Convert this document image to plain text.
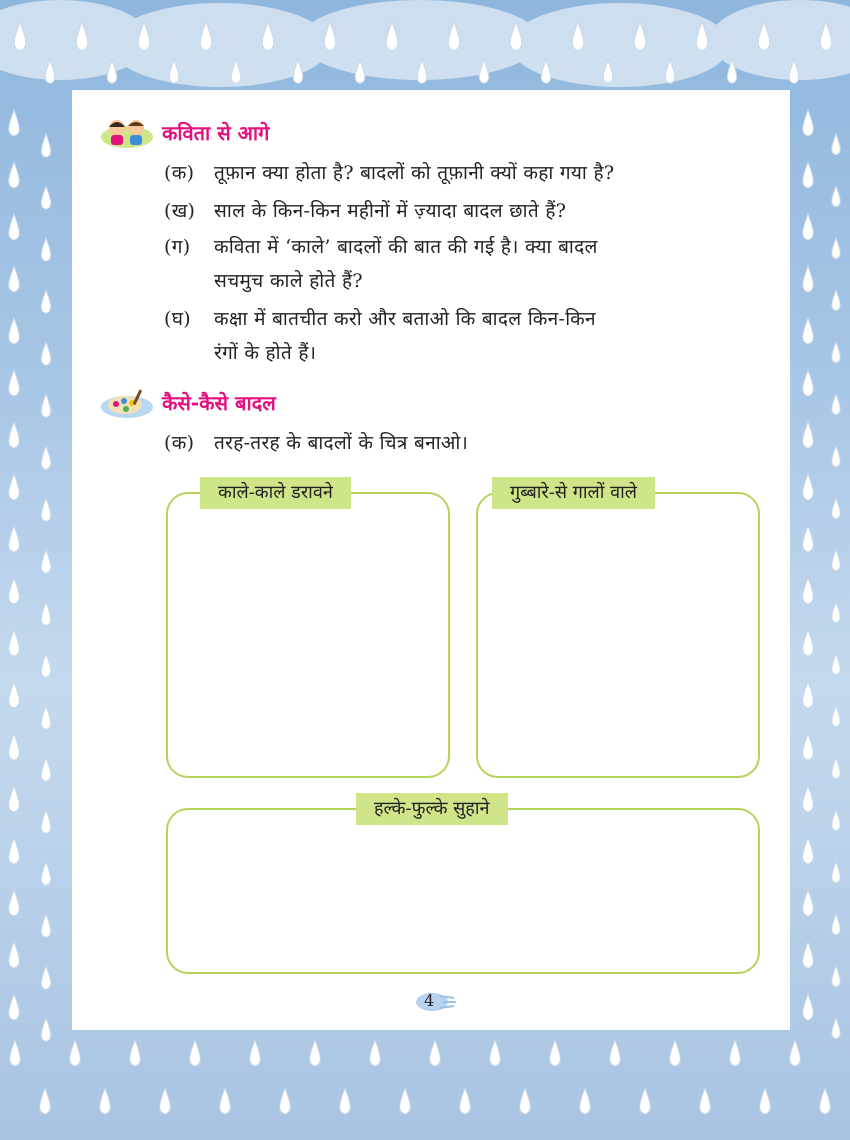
कविता से आगे
(क) तूफ़ान क्या होता है? बादलों को तूफ़ानी क्यों कहा गया है?
(ख) साल के किन-किन महीनों में ज़्यादा बादल छाते हैं?
(ग) कविता में ‘काले’ बादलों की बात की गई है। क्या बादल
सचमुच काले होते हैं?
(घ) कक्षा में बातचीत करो और बताओ कि बादल किन-किन
रंगों के होते हैं।
कैसे-कैसे बादल
(क) तरह-तरह के बादलों के चित्र बनाओ।
काले-काले डरावने	गुब्बारे-से गालों वाले
हल्के-फुल्के सुहाने
4
